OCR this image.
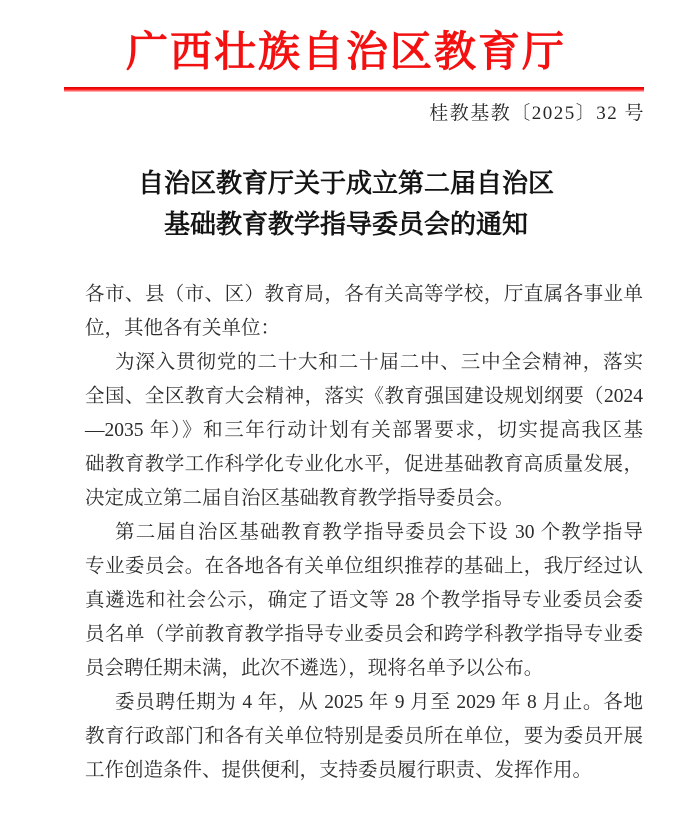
广西壮族自治区教育厅
桂教基教〔2025〕32 号
自治区教育厅关于成立第二届自治区
基础教育教学指导委员会的通知
各市、县（市、区）教育局，各有关高等学校，厅直属各事业单
位，其他各有关单位：
为深入贯彻党的二十大和二十届二中、三中全会精神，落实
全国、全区教育大会精神，落实《教育强国建设规划纲要（2024
—2035 年）》和三年行动计划有关部署要求，切实提高我区基
础教育教学工作科学化专业化水平，促进基础教育高质量发展，
决定成立第二届自治区基础教育教学指导委员会。
第二届自治区基础教育教学指导委员会下设 30 个教学指导
专业委员会。在各地各有关单位组织推荐的基础上，我厅经过认
真遴选和社会公示，确定了语文等 28 个教学指导专业委员会委
员名单（学前教育教学指导专业委员会和跨学科教学指导专业委
员会聘任期未满，此次不遴选），现将名单予以公布。
委员聘任期为 4 年，从 2025 年 9 月至 2029 年 8 月止。各地
教育行政部门和各有关单位特别是委员所在单位，要为委员开展
工作创造条件、提供便利，支持委员履行职责、发挥作用。
